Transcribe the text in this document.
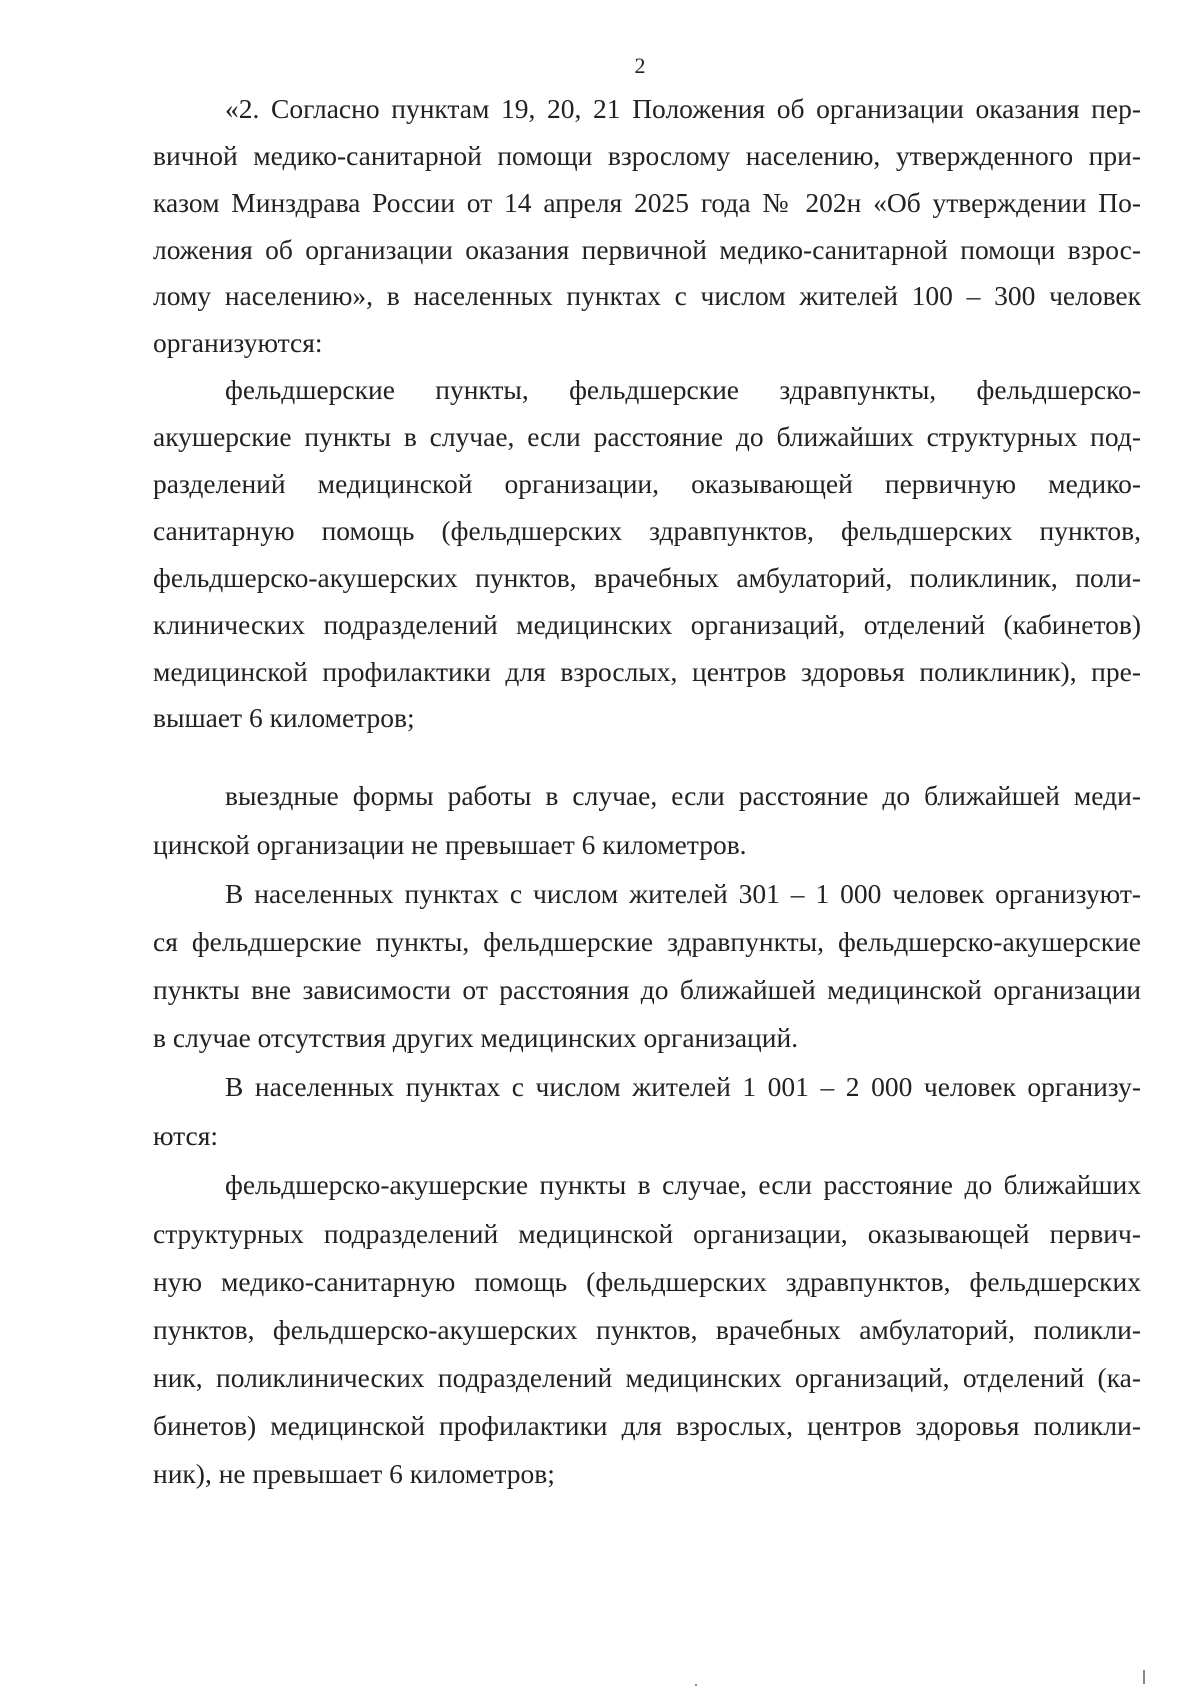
2
«2. Согласно пунктам 19, 20, 21 Положения об организации оказания пер-
вичной медико-санитарной помощи взрослому населению, утвержденного при-
казом Минздрава России от 14 апреля 2025 года № 202н «Об утверждении По-
ложения об организации оказания первичной медико-санитарной помощи взрос-
лому населению», в населенных пунктах с числом жителей 100 – 300 человек
организуются:
фельдшерские пункты, фельдшерские здравпункты, фельдшерско-
акушерские пункты в случае, если расстояние до ближайших структурных под-
разделений медицинской организации, оказывающей первичную медико-
санитарную помощь (фельдшерских здравпунктов, фельдшерских пунктов,
фельдшерско-акушерских пунктов, врачебных амбулаторий, поликлиник, поли-
клинических подразделений медицинских организаций, отделений (кабинетов)
медицинской профилактики для взрослых, центров здоровья поликлиник), пре-
вышает 6 километров;
выездные формы работы в случае, если расстояние до ближайшей меди-
цинской организации не превышает 6 километров.
В населенных пунктах с числом жителей 301 – 1 000 человек организуют-
ся фельдшерские пункты, фельдшерские здравпункты, фельдшерско-акушерские
пункты вне зависимости от расстояния до ближайшей медицинской организации
в случае отсутствия других медицинских организаций.
В населенных пунктах с числом жителей 1 001 – 2 000 человек организу-
ются:
фельдшерско-акушерские пункты в случае, если расстояние до ближайших
структурных подразделений медицинской организации, оказывающей первич-
ную медико-санитарную помощь (фельдшерских здравпунктов, фельдшерских
пунктов, фельдшерско-акушерских пунктов, врачебных амбулаторий, поликли-
ник, поликлинических подразделений медицинских организаций, отделений (ка-
бинетов) медицинской профилактики для взрослых, центров здоровья поликли-
ник), не превышает 6 километров;
